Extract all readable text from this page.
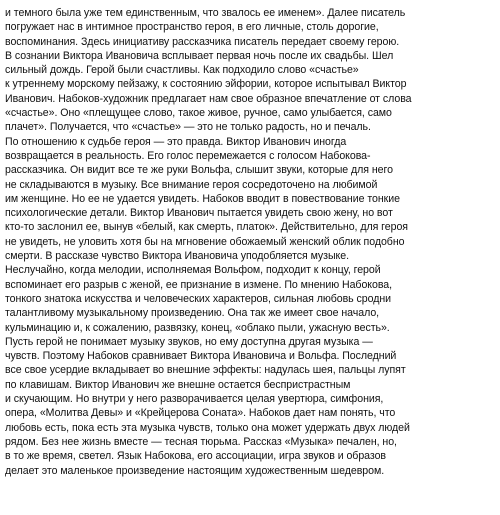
и темного была уже тем единственным, что звалось ее именем». Далее писатель
погружает нас в интимное пространство героя, в его личные, столь дорогие,
воспоминания. Здесь инициативу рассказчика писатель передает своему герою.
В сознании Виктора Ивановича всплывает первая ночь после их свадьбы. Шел
сильный дождь. Герой были счастливы. Как подходило слово «счастье»
к утреннему морскому пейзажу, к состоянию эйфории, которое испытывал Виктор
Иванович. Набоков-художник предлагает нам свое образное впечатление от слова
«счастье». Оно «плещущее слово, такое живое, ручное, само улыбается, само
плачет». Получается, что «счастье» — это не только радость, но и печаль.
По отношению к судьбе героя — это правда. Виктор Иванович иногда
возвращается в реальность. Его голос перемежается с голосом Набокова-
рассказчика. Он видит все те же руки Вольфа, слышит звуки, которые для него
не складываются в музыку. Все внимание героя сосредоточено на любимой
им женщине. Но ее не удается увидеть. Набоков вводит в повествование тонкие
психологические детали. Виктор Иванович пытается увидеть свою жену, но вот
кто-то заслонил ее, вынув «белый, как смерть, платок». Действительно, для героя
не увидеть, не уловить хотя бы на мгновение обожаемый женский облик подобно
смерти. В рассказе чувство Виктора Ивановича уподобляется музыке.
Неслучайно, когда мелодии, исполняемая Вольфом, подходит к концу, герой
вспоминает его разрыв с женой, ее признание в измене. По мнению Набокова,
тонкого знатока искусства и человеческих характеров, сильная любовь сродни
талантливому музыкальному произведению. Она так же имеет свое начало,
кульминацию и, к сожалению, развязку, конец, «облако пыли, ужасную весть».
Пусть герой не понимает музыку звуков, но ему доступна другая музыка —
чувств. Поэтому Набоков сравнивает Виктора Ивановича и Вольфа. Последний
все свое усердие вкладывает во внешние эффекты: надулась шея, пальцы лупят
по клавишам. Виктор Иванович же внешне остается беспристрастным
и скучающим. Но внутри у него разворачивается целая увертюра, симфония,
опера, «Молитва Девы» и «Крейцерова Соната». Набоков дает нам понять, что
любовь есть, пока есть эта музыка чувств, только она может удержать двух людей
рядом. Без нее жизнь вместе — тесная тюрьма. Рассказ «Музыка» печален, но,
в то же время, светел. Язык Набокова, его ассоциации, игра звуков и образов
делает это маленькое произведение настоящим художественным шедевром.
